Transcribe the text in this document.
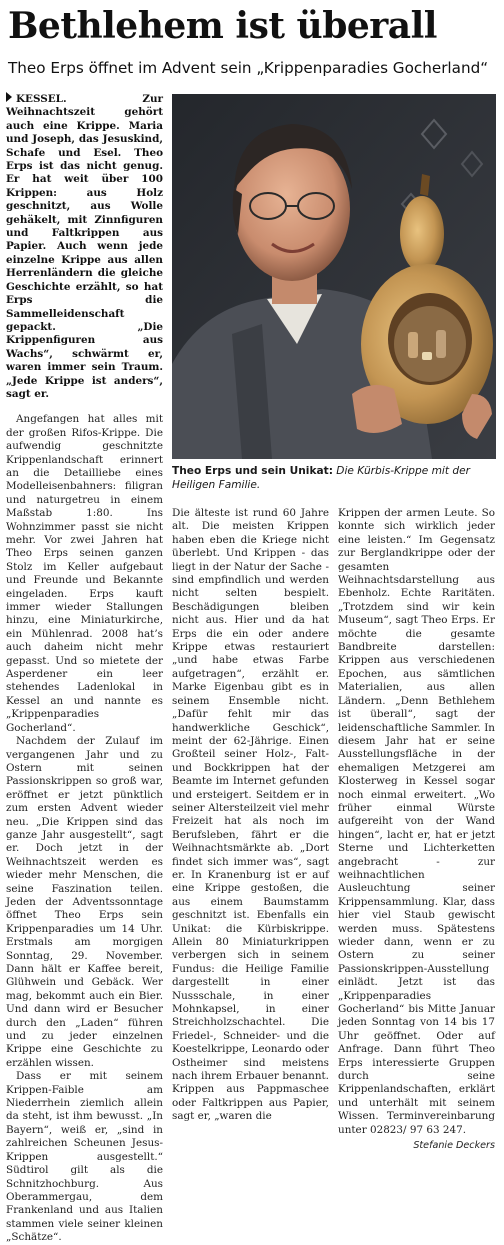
Bethlehem ist überall
Theo Erps öffnet im Advent sein „Krippenparadies Gocherland“

KESSEL. Zur Weihnachtszeit gehört auch eine Krippe. Maria und Joseph, das Jesuskind, Schafe und Esel. Theo Erps ist das nicht genug. Er hat weit über 100 Krippen: aus Holz geschnitzt, aus Wolle gehäkelt, mit Zinnfiguren und Faltkrippen aus Papier. Auch wenn jede einzelne Krippe aus allen Herrenländern die gleiche Geschichte erzählt, so hat Erps die Sammelleidenschaft gepackt. „Die Krippenfiguren aus Wachs“, schwärmt er, waren immer sein Traum. „Jede Krippe ist anders“, sagt er.

Angefangen hat alles mit der großen Rifos-Krippe. Die aufwendig geschnitzte Krippenlandschaft erinnert an die Detailliebe eines Modelleisenbahners: filigran und naturgetreu in einem Maßstab 1:80. Ins Wohnzimmer passt sie nicht mehr. Vor zwei Jahren hat Theo Erps seinen ganzen Stolz im Keller aufgebaut und Freunde und Bekannte eingeladen. Erps kauft immer wieder Stallungen hinzu, eine Miniaturkirche, ein Mühlenrad. 2008 hat’s auch daheim nicht mehr gepasst. Und so mietete der Asperdener ein leer stehendes Ladenlokal in Kessel an und nannte es „Krippenparadies Gocherland“.

Nachdem der Zulauf im vergangenen Jahr und zu Ostern mit seinen Passionskrippen so groß war, eröffnet er jetzt pünktlich zum ersten Advent wieder neu. „Die Krippen sind das ganze Jahr ausgestellt“, sagt er. Doch jetzt in der Weihnachtszeit werden es wieder mehr Menschen, die seine Faszination teilen. Jeden der Adventssonntage öffnet Theo Erps sein Krippenparadies um 14 Uhr. Erstmals am morgigen Sonntag, 29. November. Dann hält er Kaffee bereit, Glühwein und Gebäck. Wer mag, bekommt auch ein Bier. Und dann wird er Besucher durch den „Laden“ führen und zu jeder einzelnen Krippe eine Geschichte zu erzählen wissen.

Dass er mit seinem Krippen-Faible am Niederrhein ziemlich allein da steht, ist ihm bewusst. „In Bayern“, weiß er, „sind in zahlreichen Scheunen Jesus-Krippen ausgestellt.“ Südtirol gilt als die Schnitzhochburg. Aus Oberammergau, dem Frankenland und aus Italien stammen viele seiner kleinen „Schätze“.

Theo Erps und sein Unikat: Die Kürbis-Krippe mit der Heiligen Familie.

Die älteste ist rund 60 Jahre alt. Die meisten Krippen haben eben die Kriege nicht überlebt. Und Krippen - das liegt in der Natur der Sache - sind empfindlich und werden nicht selten bespielt. Beschädigungen bleiben nicht aus. Hier und da hat Erps die ein oder andere Krippe etwas restauriert „und habe etwas Farbe aufgetragen“, erzählt er. Marke Eigenbau gibt es in seinem Ensemble nicht. „Dafür fehlt mir das handwerkliche Geschick“, meint der 62-Jährige. Einen Großteil seiner Holz-, Falt- und Bockkrippen hat der Beamte im Internet gefunden und ersteigert. Seitdem er in seiner Altersteilzeit viel mehr Freizeit hat als noch im Berufsleben, fährt er die Weihnachtsmärkte ab. „Dort findet sich immer was“, sagt er. In Kranenburg ist er auf eine Krippe gestoßen, die aus einem Baumstamm geschnitzt ist. Ebenfalls ein Unikat: die Kürbiskrippe. Allein 80 Miniaturkrippen verbergen sich in seinem Fundus: die Heilige Familie dargestellt in einer Nussschale, in einer Mohnkapsel, in einer Streichholzschachtel. Die Friedel-, Schneider- und die Koestelkrippe, Leonardo oder Ostheimer sind meistens nach ihrem Erbauer benannt. Krippen aus Pappmaschee oder Faltkrippen aus Papier, sagt er, „waren die

Krippen der armen Leute. So konnte sich wirklich jeder eine leisten.“ Im Gegensatz zur Berglandkrippe oder der gesamten Weihnachtsdarstellung aus Ebenholz. Echte Raritäten. „Trotzdem sind wir kein Museum“, sagt Theo Erps. Er möchte die gesamte Bandbreite darstellen: Krippen aus verschiedenen Epochen, aus sämtlichen Materialien, aus allen Ländern. „Denn Bethlehem ist überall“, sagt der leidenschaftliche Sammler. In diesem Jahr hat er seine Ausstellungsfläche in der ehemaligen Metzgerei am Klosterweg in Kessel sogar noch einmal erweitert. „Wo früher einmal Würste aufgereiht von der Wand hingen“, lacht er, hat er jetzt Sterne und Lichterketten angebracht - zur weihnachtlichen Ausleuchtung seiner Krippensammlung. Klar, dass hier viel Staub gewischt werden muss. Spätestens wieder dann, wenn er zu Ostern zu seiner Passionskrippen-Ausstellung einlädt. Jetzt ist das „Krippenparadies Gocherland“ bis Mitte Januar jeden Sonntag von 14 bis 17 Uhr geöffnet. Oder auf Anfrage. Dann führt Theo Erps interessierte Gruppen durch seine Krippenlandschaften, erklärt und unterhält mit seinem Wissen. Terminvereinbarung unter 02823/ 97 63 247.

Stefanie Deckers
